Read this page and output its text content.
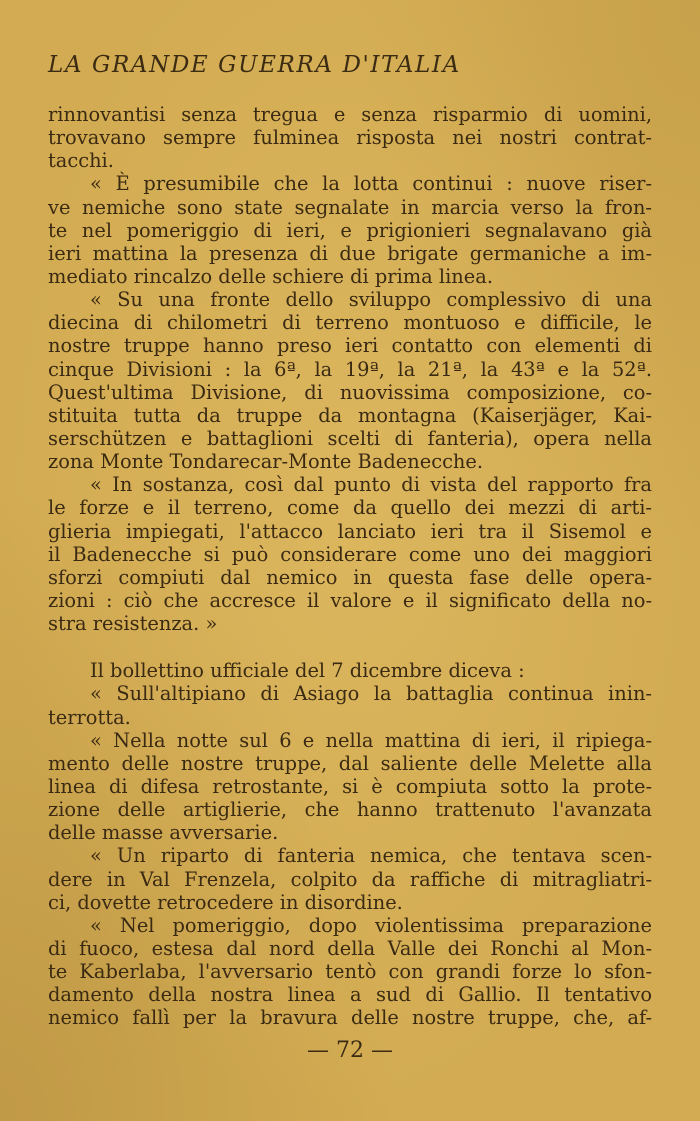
LA GRANDE GUERRA D'ITALIA
rinnovantisi senza tregua e senza risparmio di uomini,
trovavano sempre fulminea risposta nei nostri contrat-
tacchi.
« È presumibile che la lotta continui : nuove riser-
ve nemiche sono state segnalate in marcia verso la fron-
te nel pomeriggio di ieri, e prigionieri segnalavano già
ieri mattina la presenza di due brigate germaniche a im-
mediato rincalzo delle schiere di prima linea.
« Su una fronte dello sviluppo complessivo di una
diecina di chilometri di terreno montuoso e difficile, le
nostre truppe hanno preso ieri contatto con elementi di
cinque Divisioni : la 6ª, la 19ª, la 21ª, la 43ª e la 52ª.
Quest'ultima Divisione, di nuovissima composizione, co-
stituita tutta da truppe da montagna (Kaiserjäger, Kai-
serschützen e battaglioni scelti di fanteria), opera nella
zona Monte Tondarecar-Monte Badenecche.
« In sostanza, così dal punto di vista del rapporto fra
le forze e il terreno, come da quello dei mezzi di arti-
glieria impiegati, l'attacco lanciato ieri tra il Sisemol e
il Badenecche si può considerare come uno dei maggiori
sforzi compiuti dal nemico in questa fase delle opera-
zioni : ciò che accresce il valore e il significato della no-
stra resistenza. »
Il bollettino ufficiale del 7 dicembre diceva :
« Sull'altipiano di Asiago la battaglia continua inin-
terrotta.
« Nella notte sul 6 e nella mattina di ieri, il ripiega-
mento delle nostre truppe, dal saliente delle Melette alla
linea di difesa retrostante, si è compiuta sotto la prote-
zione delle artiglierie, che hanno trattenuto l'avanzata
delle masse avversarie.
« Un riparto di fanteria nemica, che tentava scen-
dere in Val Frenzela, colpito da raffiche di mitragliatri-
ci, dovette retrocedere in disordine.
« Nel pomeriggio, dopo violentissima preparazione
di fuoco, estesa dal nord della Valle dei Ronchi al Mon-
te Kaberlaba, l'avversario tentò con grandi forze lo sfon-
damento della nostra linea a sud di Gallio. Il tentativo
nemico fallì per la bravura delle nostre truppe, che, af-
— 72 —
